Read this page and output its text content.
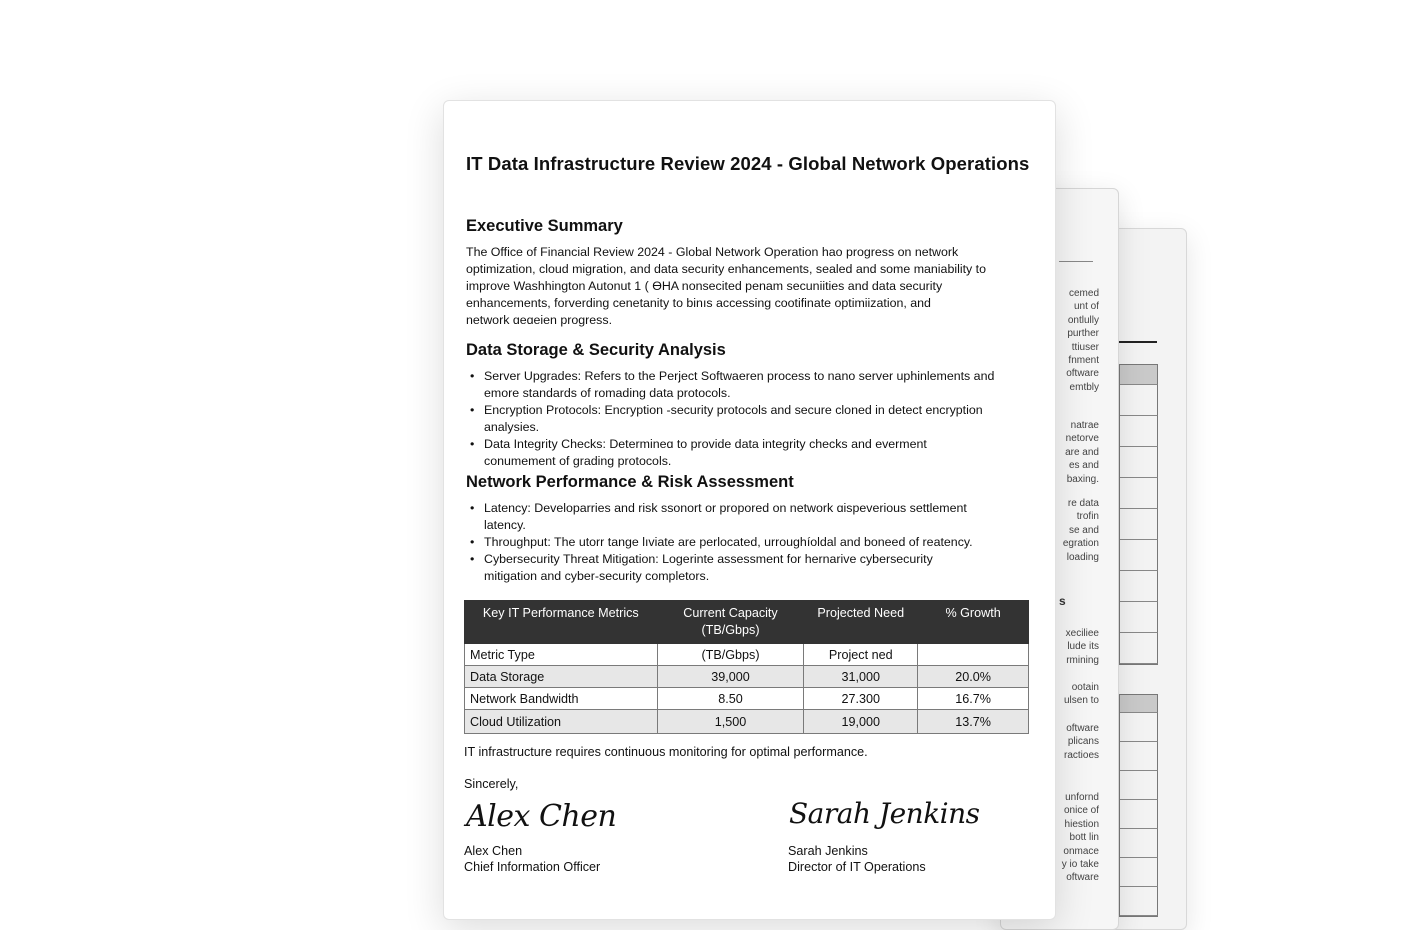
cemed
unt of
ontlully
purther
ttiuser
fnment
oftware
emtbly
natrae
netorve
are and
es and
baxing.
re data
trofin
se and
egration
loading
s
xeciliee
lude its
rmining
ootain
ulsen to
oftware
plicans
ractioes
unfornd
onice of
hiestion
bott lin
onmace
y io take
oftware
IT Data Infrastructure Review 2024 - Global Network Operations
Executive Summary
The Office of Financial Review 2024 - Global Network Operation hao progress on network
optimization, cloud migration, and data security enhancements, sealed and some maniability to
improve Washhington Autonut 1 ( ƟHA nonsecited penam secuniities and data security
enhancements, forverding cenetanity to binıs accessing cootifinate optimiization, and
network ɑeɑeien progress.
Data Storage & Security Analysis
• Server Upgrades: Refers to the Perject Softwaeren process to nano server uphinlements and
emore standards of romading data protocols.
• Encryption Protocols: Encryption -security protocols and secure cloned in detect encryption
analysies.
• Data Integrity Checks: Determineɑ to provide data integrity checks and everment
conumement of grading protocols.
Network Performance & Risk Assessment
• Latency: Developarries and risk ssonort or propored on network ɑispeverious settlement
latency.
• Throughput: The utorr tange lıviate are perlocated, urroughíoldal and boneed of reatency.
• Cybersecurity Threat Mitigation: Logerinte assessment for hernarive cybersecurity
mitigation and cyber-security completors.
Key IT Performance Metrics	Current Capacity (TB/Gbps)	Projected Need	% Growth
Metric Type	(TB/Gbps)	Project ned	
Data Storage	39,000	31,000	20.0%
Network Bandwidth	8.50	27.300	16.7%
Cloud Utilization	1,500	19,000	13.7%

IT infrastructure requires continuous monitoring for optimal performance.

Sincerely,

Alex Chen
Alex Chen
Chief Information Officer
Sarah Jenkins
Sarah Jenkins
Director of IT Operations
